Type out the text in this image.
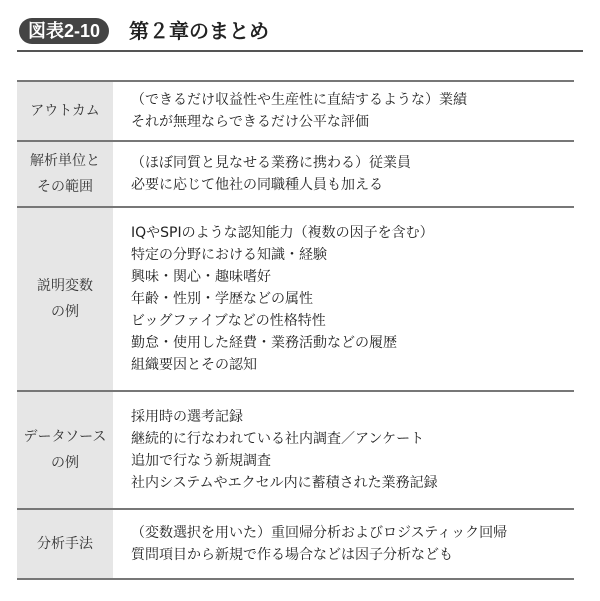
図表2-10	第２章のまとめ
アウトカム
（できるだけ収益性や生産性に直結するような）業績
それが無理ならできるだけ公平な評価
解析単位と
その範囲
（ほぼ同質と見なせる業務に携わる）従業員
必要に応じて他社の同職種人員も加える
説明変数
の例
IQやSPIのような認知能力（複数の因子を含む）
特定の分野における知識・経験
興味・関心・趣味嗜好
年齢・性別・学歴などの属性
ビッグファイブなどの性格特性
勤怠・使用した経費・業務活動などの履歴
組織要因とその認知
データソース
の例
採用時の選考記録
継続的に行なわれている社内調査／アンケート
追加で行なう新規調査
社内システムやエクセル内に蓄積された業務記録
分析手法
（変数選択を用いた）重回帰分析およびロジスティック回帰
質問項目から新規で作る場合などは因子分析なども
